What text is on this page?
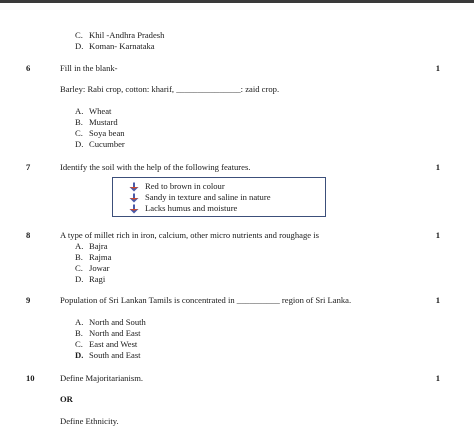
C. Khil -Andhra Pradesh
D. Koman- Karnataka
6	Fill in the blank-	1
Barley: Rabi crop, cotton: kharif, _______________: zaid crop.
A. Wheat
B. Mustard
C. Soya bean
D. Cucumber
7	Identify the soil with the help of the following features.	1
Red to brown in colour
Sandy in texture and saline in nature
Lacks humus and moisture
8	A type of millet rich in iron, calcium, other micro nutrients and roughage is	1
A. Bajra
B. Rajma
C. Jowar
D. Ragi
9	Population of Sri Lankan Tamils is concentrated in __________ region of Sri Lanka.	1
A. North and South
B. North and East
C. East and West
D. South and East
10	Define Majoritarianism.	1
OR
Define Ethnicity.
